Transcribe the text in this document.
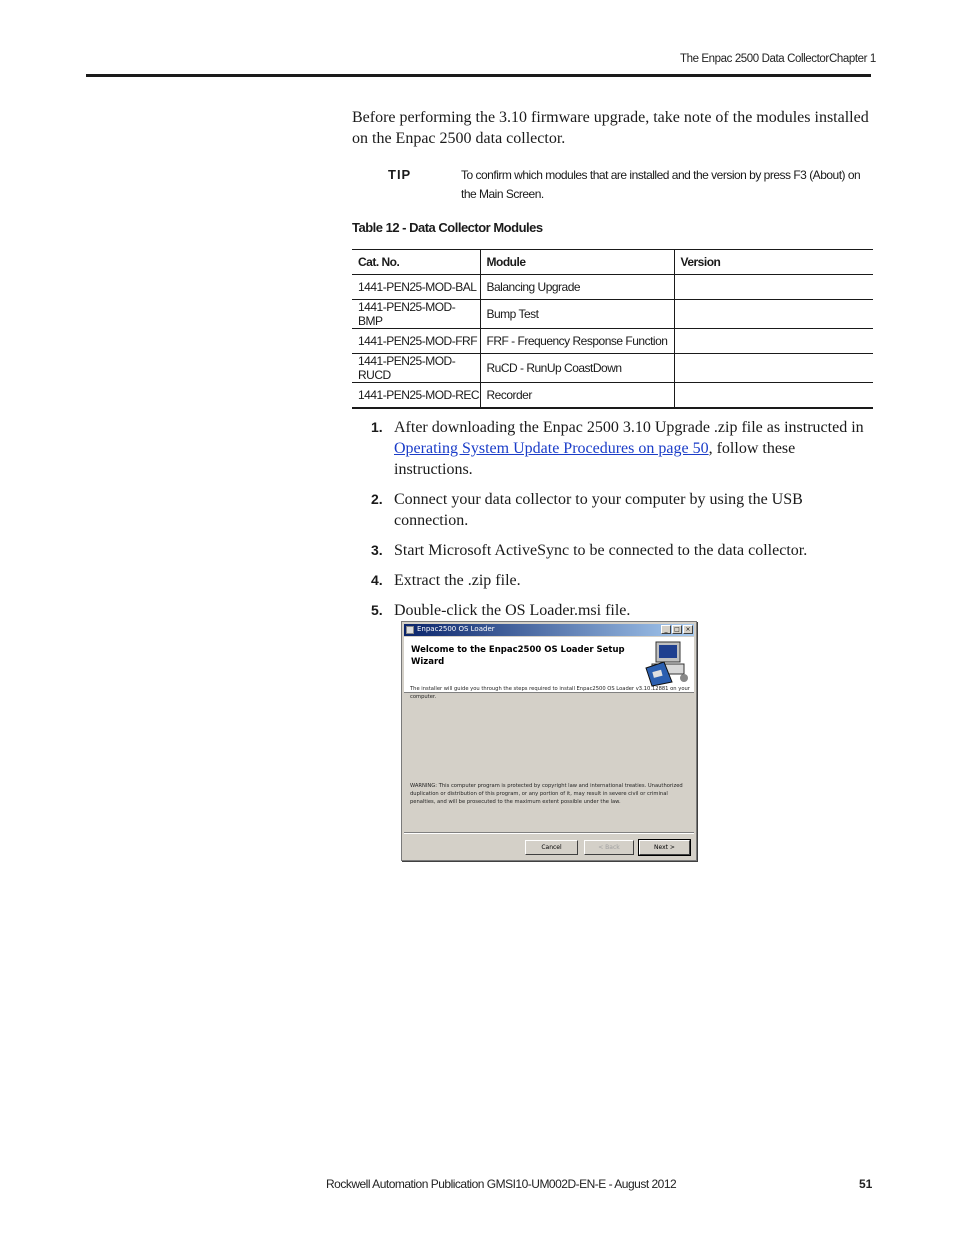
The Enpac 2500 Data Collector Chapter 1

Before performing the 3.10 firmware upgrade, take note of the modules installed on the Enpac 2500 data collector.

TIP	To confirm which modules that are installed and the version by press F3 (About) on the Main Screen.
Table 12 - Data Collector Modules
Cat. No.	Module	Version
1441-PEN25-MOD-BAL	Balancing Upgrade	
1441-PEN25-MOD-BMP	Bump Test	
1441-PEN25-MOD-FRF	FRF - Frequency Response Function	
1441-PEN25-MOD-RUCD	RuCD - RunUp CoastDown	
1441-PEN25-MOD-REC	Recorder	
1. After downloading the Enpac 2500 3.10 Upgrade .zip file as instructed in Operating System Update Procedures on page 50, follow these instructions.
2. Connect your data collector to your computer by using the USB connection.
3. Start Microsoft ActiveSync to be connected to the data collector.
4. Extract the .zip file.
5. Double-click the OS Loader.msi file.
Enpac2500 OS Loader	_	□ ×
Welcome to the Enpac2500 OS Loader Setup Wizard
The installer will guide you through the steps required to install Enpac2500 OS Loader v3.10.12881 on your computer.
WARNING: This computer program is protected by copyright law and international treaties. Unauthorized duplication or distribution of this program, or any portion of it, may result in severe civil or criminal penalties, and will be prosecuted to the maximum extent possible under the law.
Cancel	< Back	Next >
Rockwell Automation Publication GMSI10-UM002D-EN-E - August 2012	51
